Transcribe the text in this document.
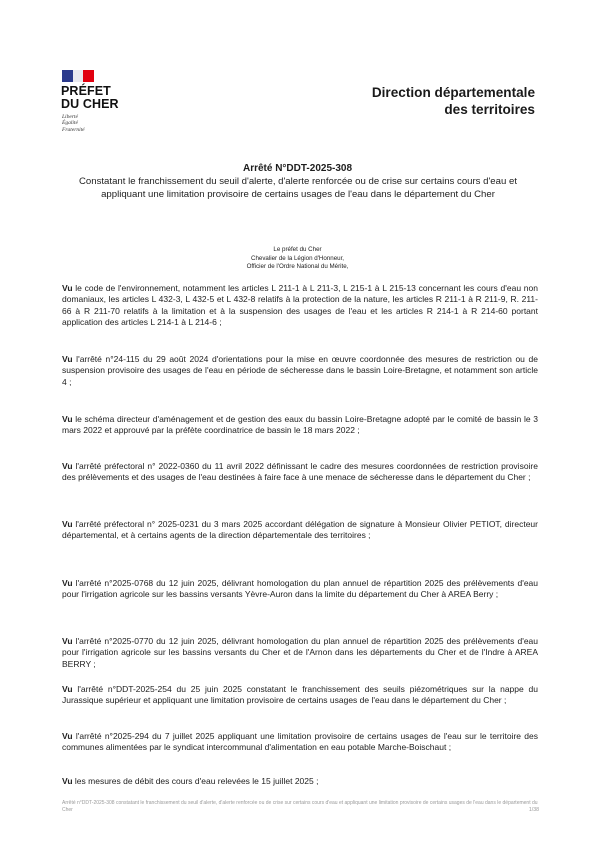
PRÉFET
DU CHER
Liberté
Égalité
Fraternité
Direction départementale
des territoires
Arrêté N°DDT-2025-308
Constatant le franchissement du seuil d'alerte, d'alerte renforcée ou de crise sur certains cours d'eau et appliquant une limitation provisoire de certains usages de l'eau dans le département du Cher
Le préfet du Cher
Chevalier de la Légion d'Honneur,
Officier de l'Ordre National du Mérite,

Vu le code de l'environnement, notamment les articles L 211-1 à L 211-3, L 215-1 à L 215-13 concernant les cours d'eau non domaniaux, les articles L 432-3, L 432-5 et L 432-8 relatifs à la protection de la nature, les articles R 211-1 à R 211-9, R. 211-66 à R 211-70 relatifs à la limitation et à la suspension des usages de l'eau et les articles R 214-1 à R 214-60 portant application des articles L 214-1 à L 214-6 ;

Vu l'arrêté n°24-115 du 29 août 2024 d'orientations pour la mise en œuvre coordonnée des mesures de restriction ou de suspension provisoire des usages de l'eau en période de sécheresse dans le bassin Loire-Bretagne, et notamment son article 4 ;

Vu le schéma directeur d'aménagement et de gestion des eaux du bassin Loire-Bretagne adopté par le comité de bassin le 3 mars 2022 et approuvé par la préfète coordinatrice de bassin le 18 mars 2022 ;

Vu l'arrêté préfectoral n° 2022-0360 du 11 avril 2022 définissant le cadre des mesures coordonnées de restriction provisoire des prélèvements et des usages de l'eau destinées à faire face à une menace de sécheresse dans le département du Cher ;

Vu l'arrêté préfectoral n° 2025-0231 du 3 mars 2025 accordant délégation de signature à Monsieur Olivier PETIOT, directeur départemental, et à certains agents de la direction départementale des territoires ;

Vu l'arrêté n°2025-0768 du 12 juin 2025, délivrant homologation du plan annuel de répartition 2025 des prélèvements d'eau pour l'irrigation agricole sur les bassins versants Yèvre-Auron dans la limite du département du Cher à AREA Berry ;

Vu l'arrêté n°2025-0770 du 12 juin 2025, délivrant homologation du plan annuel de répartition 2025 des prélèvements d'eau pour l'irrigation agricole sur les bassins versants du Cher et de l'Arnon dans les départements du Cher et de l'Indre à AREA BERRY ;

Vu l'arrêté n°DDT-2025-254 du 25 juin 2025 constatant le franchissement des seuils piézométriques sur la nappe du Jurassique supérieur et appliquant une limitation provisoire de certains usages de l'eau dans le département du Cher ;

Vu l'arrêté n°2025-294 du 7 juillet 2025 appliquant une limitation provisoire de certains usages de l'eau sur le territoire des communes alimentées par le syndicat intercommunal d'alimentation en eau potable Marche-Boischaut ;

Vu les mesures de débit des cours d'eau relevées le 15 juillet 2025 ;

Arrêté n°DDT-2025-308 constatant le franchissement du seuil d'alerte, d'alerte renforcée ou de crise sur certains cours d'eau et appliquant une limitation provisoire de certains usages de l'eau dans le département du Cher	1/38
